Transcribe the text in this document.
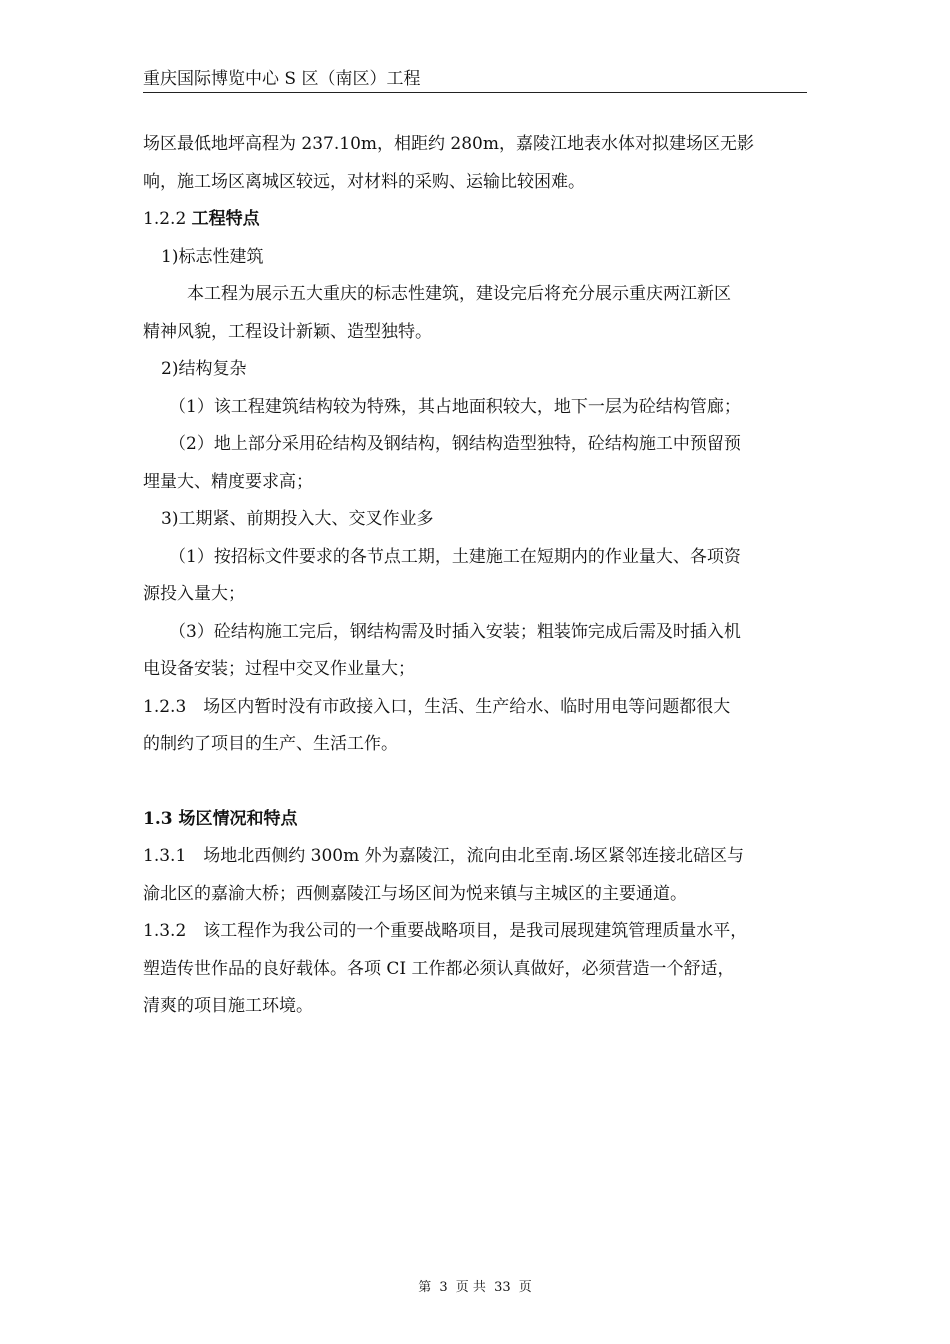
重庆国际博览中心 S 区（南区）工程

场区最低地坪高程为 237.10m，相距约 280m，嘉陵江地表水体对拟建场区无影

响，施工场区离城区较远，对材料的采购、运输比较困难。

1.2.2 工程特点

1)标志性建筑

本工程为展示五大重庆的标志性建筑，建设完后将充分展示重庆两江新区

精神风貌，工程设计新颖、造型独特。

2)结构复杂

（1）该工程建筑结构较为特殊，其占地面积较大，地下一层为砼结构管廊；

（2）地上部分采用砼结构及钢结构，钢结构造型独特，砼结构施工中预留预

埋量大、精度要求高；

3)工期紧、前期投入大、交叉作业多

（1）按招标文件要求的各节点工期，土建施工在短期内的作业量大、各项资

源投入量大；

（3）砼结构施工完后，钢结构需及时插入安装；粗装饰完成后需及时插入机

电设备安装；过程中交叉作业量大；

1.2.3　场区内暂时没有市政接入口，生活、生产给水、临时用电等问题都很大

的制约了项目的生产、生活工作。

1.3 场区情况和特点

1.3.1　场地北西侧约 300m 外为嘉陵江，流向由北至南.场区紧邻连接北碚区与

渝北区的嘉渝大桥；西侧嘉陵江与场区间为悦来镇与主城区的主要通道。

1.3.2　该工程作为我公司的一个重要战略项目，是我司展现建筑管理质量水平，

塑造传世作品的良好载体。各项 CI 工作都必须认真做好，必须营造一个舒适，

清爽的项目施工环境。

第 3 页 共 33 页
